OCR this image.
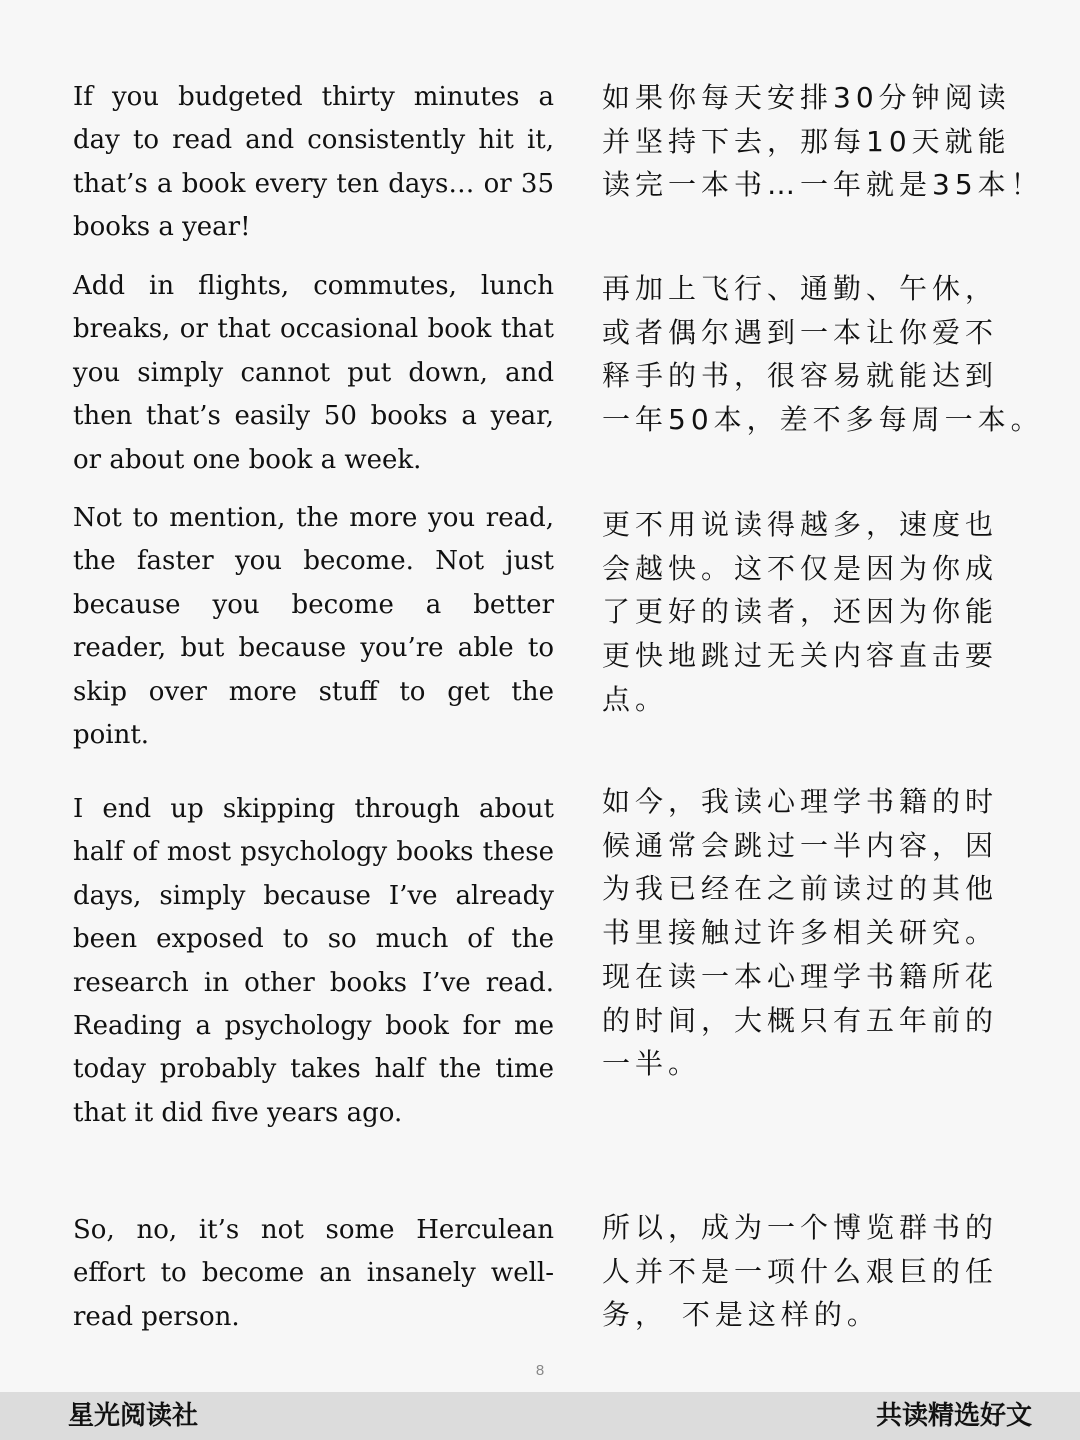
If you budgeted thirty minutes a day to read and consistently hit it, that’s a book every ten days… or 35 books a year!

如果你每天安排30分钟阅读
并坚持下去，那每10天就能
读完一本书…一年就是35本！

Add in flights, commutes, lunch breaks, or that occasional book that you simply cannot put down, and then that’s easily 50 books a year, or about one book a week.

再加上飞行、通勤、午休，
或者偶尔遇到一本让你爱不
释手的书，很容易就能达到
一年50本，差不多每周一本。

Not to mention, the more you read, the faster you become. Not just because you become a better reader, but because you’re able to skip over more stuff to get the point.

更不用说读得越多，速度也
会越快。这不仅是因为你成
了更好的读者，还因为你能
更快地跳过无关内容直击要
点。

I end up skipping through about half of most psychology books these days, simply because I’ve already been exposed to so much of the research in other books I’ve read. Reading a psychology book for me today probably takes half the time that it did five years ago.

如今，我读心理学书籍的时
候通常会跳过一半内容，因
为我已经在之前读过的其他
书里接触过许多相关研究。
现在读一本心理学书籍所花
的时间，大概只有五年前的
一半。

So, no, it’s not some Herculean effort to become an insanely well-read person.

所以，成为一个博览群书的
人并不是一项什么艰巨的任
务， 不是这样的。
8
星光阅读社	共读精选好文
